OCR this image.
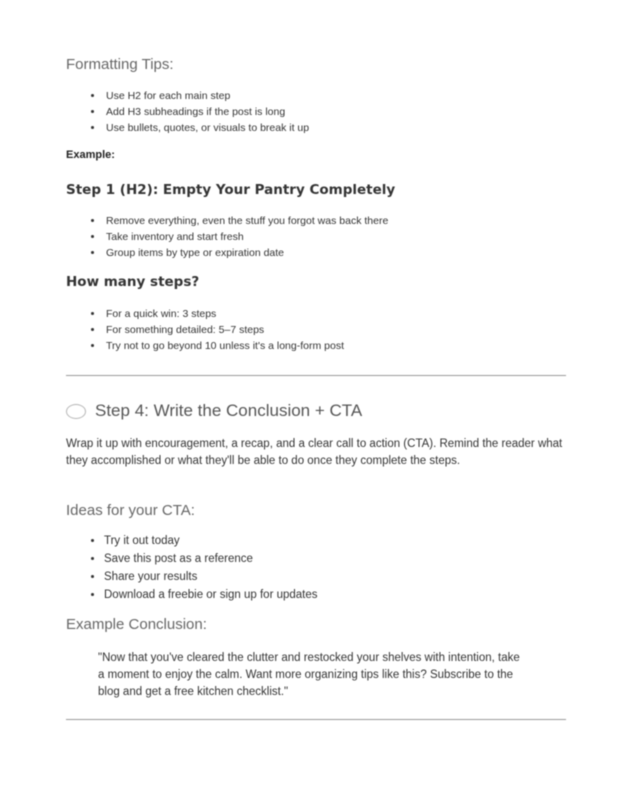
Formatting Tips:
• Use H2 for each main step
• Add H3 subheadings if the post is long
• Use bullets, quotes, or visuals to break it up

Example:

Step 1 (H2): Empty Your Pantry Completely
• Remove everything, even the stuff you forgot was back there
• Take inventory and start fresh
• Group items by type or expiration date
How many steps?
• For a quick win: 3 steps
• For something detailed: 5–7 steps
• Try not to go beyond 10 unless it's a long-form post
Step 4: Write the Conclusion + CTA

Wrap it up with encouragement, a recap, and a clear call to action (CTA). Remind the reader what they accomplished or what they'll be able to do once they complete the steps.

Ideas for your CTA:
• Try it out today
• Save this post as a reference
• Share your results
• Download a freebie or sign up for updates
Example Conclusion:

"Now that you've cleared the clutter and restocked your shelves with intention, take a moment to enjoy the calm. Want more organizing tips like this? Subscribe to the blog and get a free kitchen checklist."
